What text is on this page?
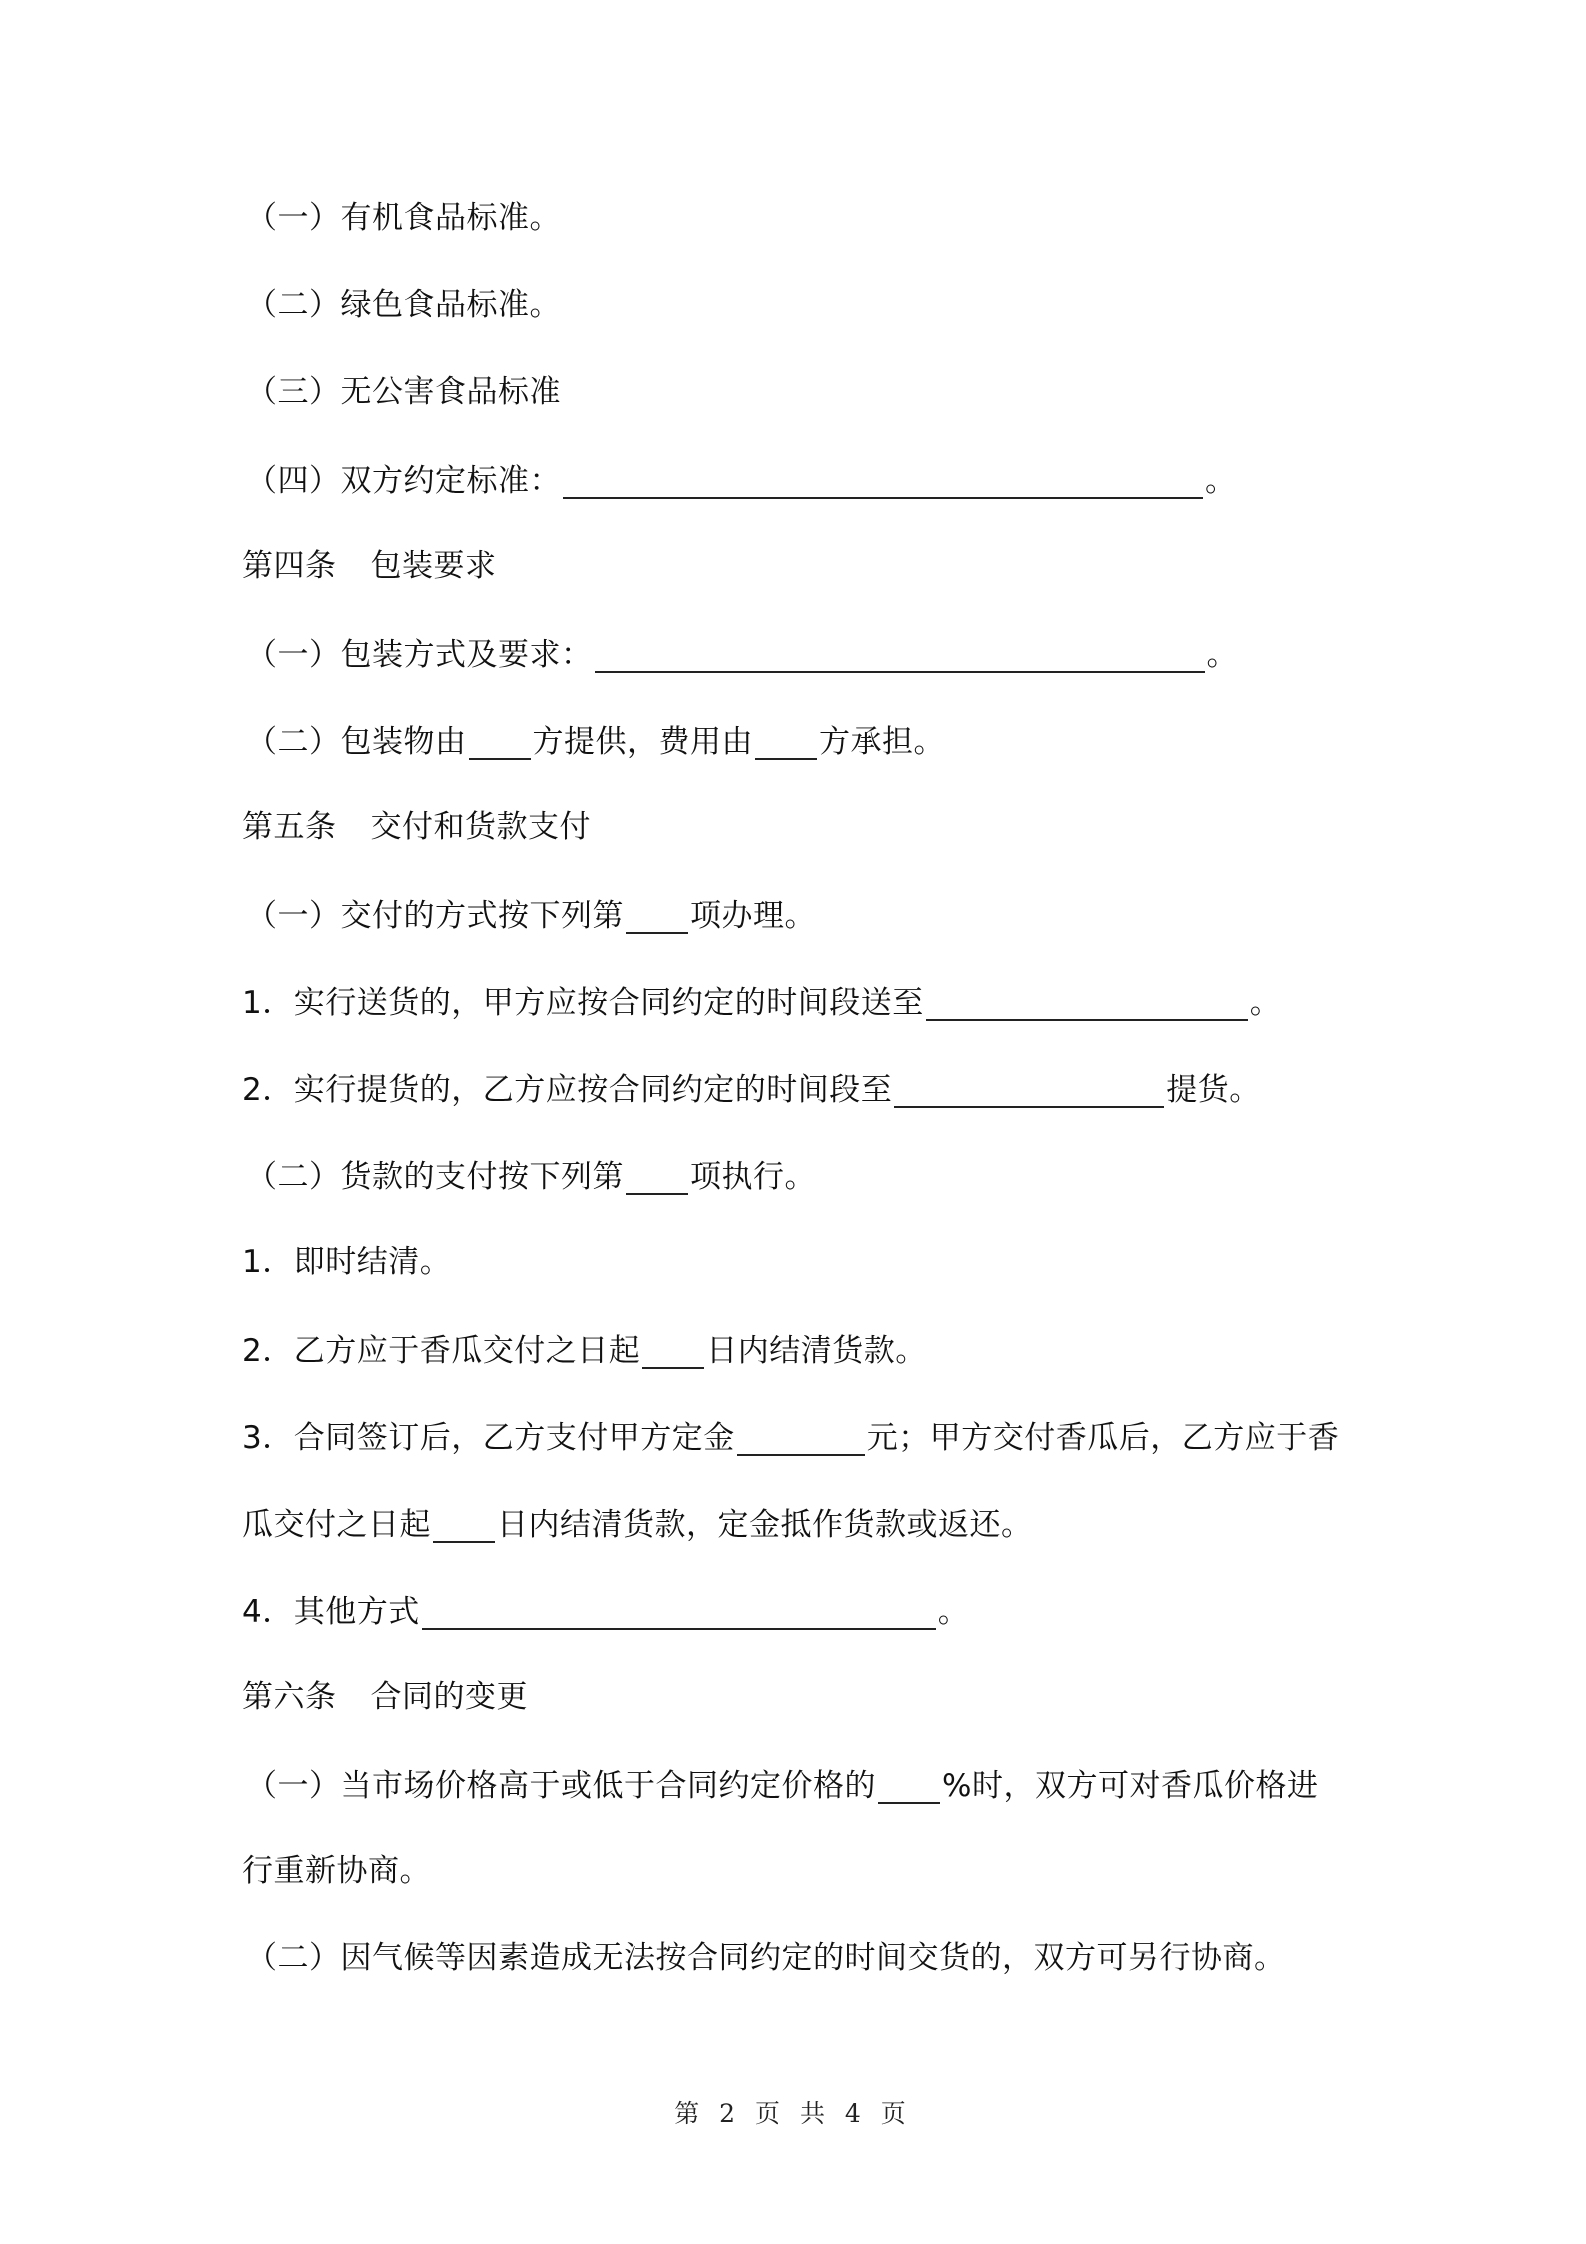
（一）有机食品标准。
（二）绿色食品标准。
（三）无公害食品标准
（四）双方约定标准：	。
第四条 包装要求
（一）包装方式及要求：	。
（二）包装物由 方提供，费用由 方承担。
第五条 交付和货款支付
（一）交付的方式按下列第 项办理。
1．实行送货的，甲方应按合同约定的时间段送至	。
2．实行提货的，乙方应按合同约定的时间段至	提货。
（二）货款的支付按下列第 项执行。
1．即时结清。
2．乙方应于香瓜交付之日起 日内结清货款。
3．合同签订后，乙方支付甲方定金	元；甲方交付香瓜后，乙方应于香
瓜交付之日起 日内结清货款，定金抵作货款或返还。
4．其他方式	。
第六条 合同的变更
（一）当市场价格高于或低于合同约定价格的 %时，双方可对香瓜价格进
行重新协商。
（二）因气候等因素造成无法按合同约定的时间交货的，双方可另行协商。
第 2 页 共 4 页
